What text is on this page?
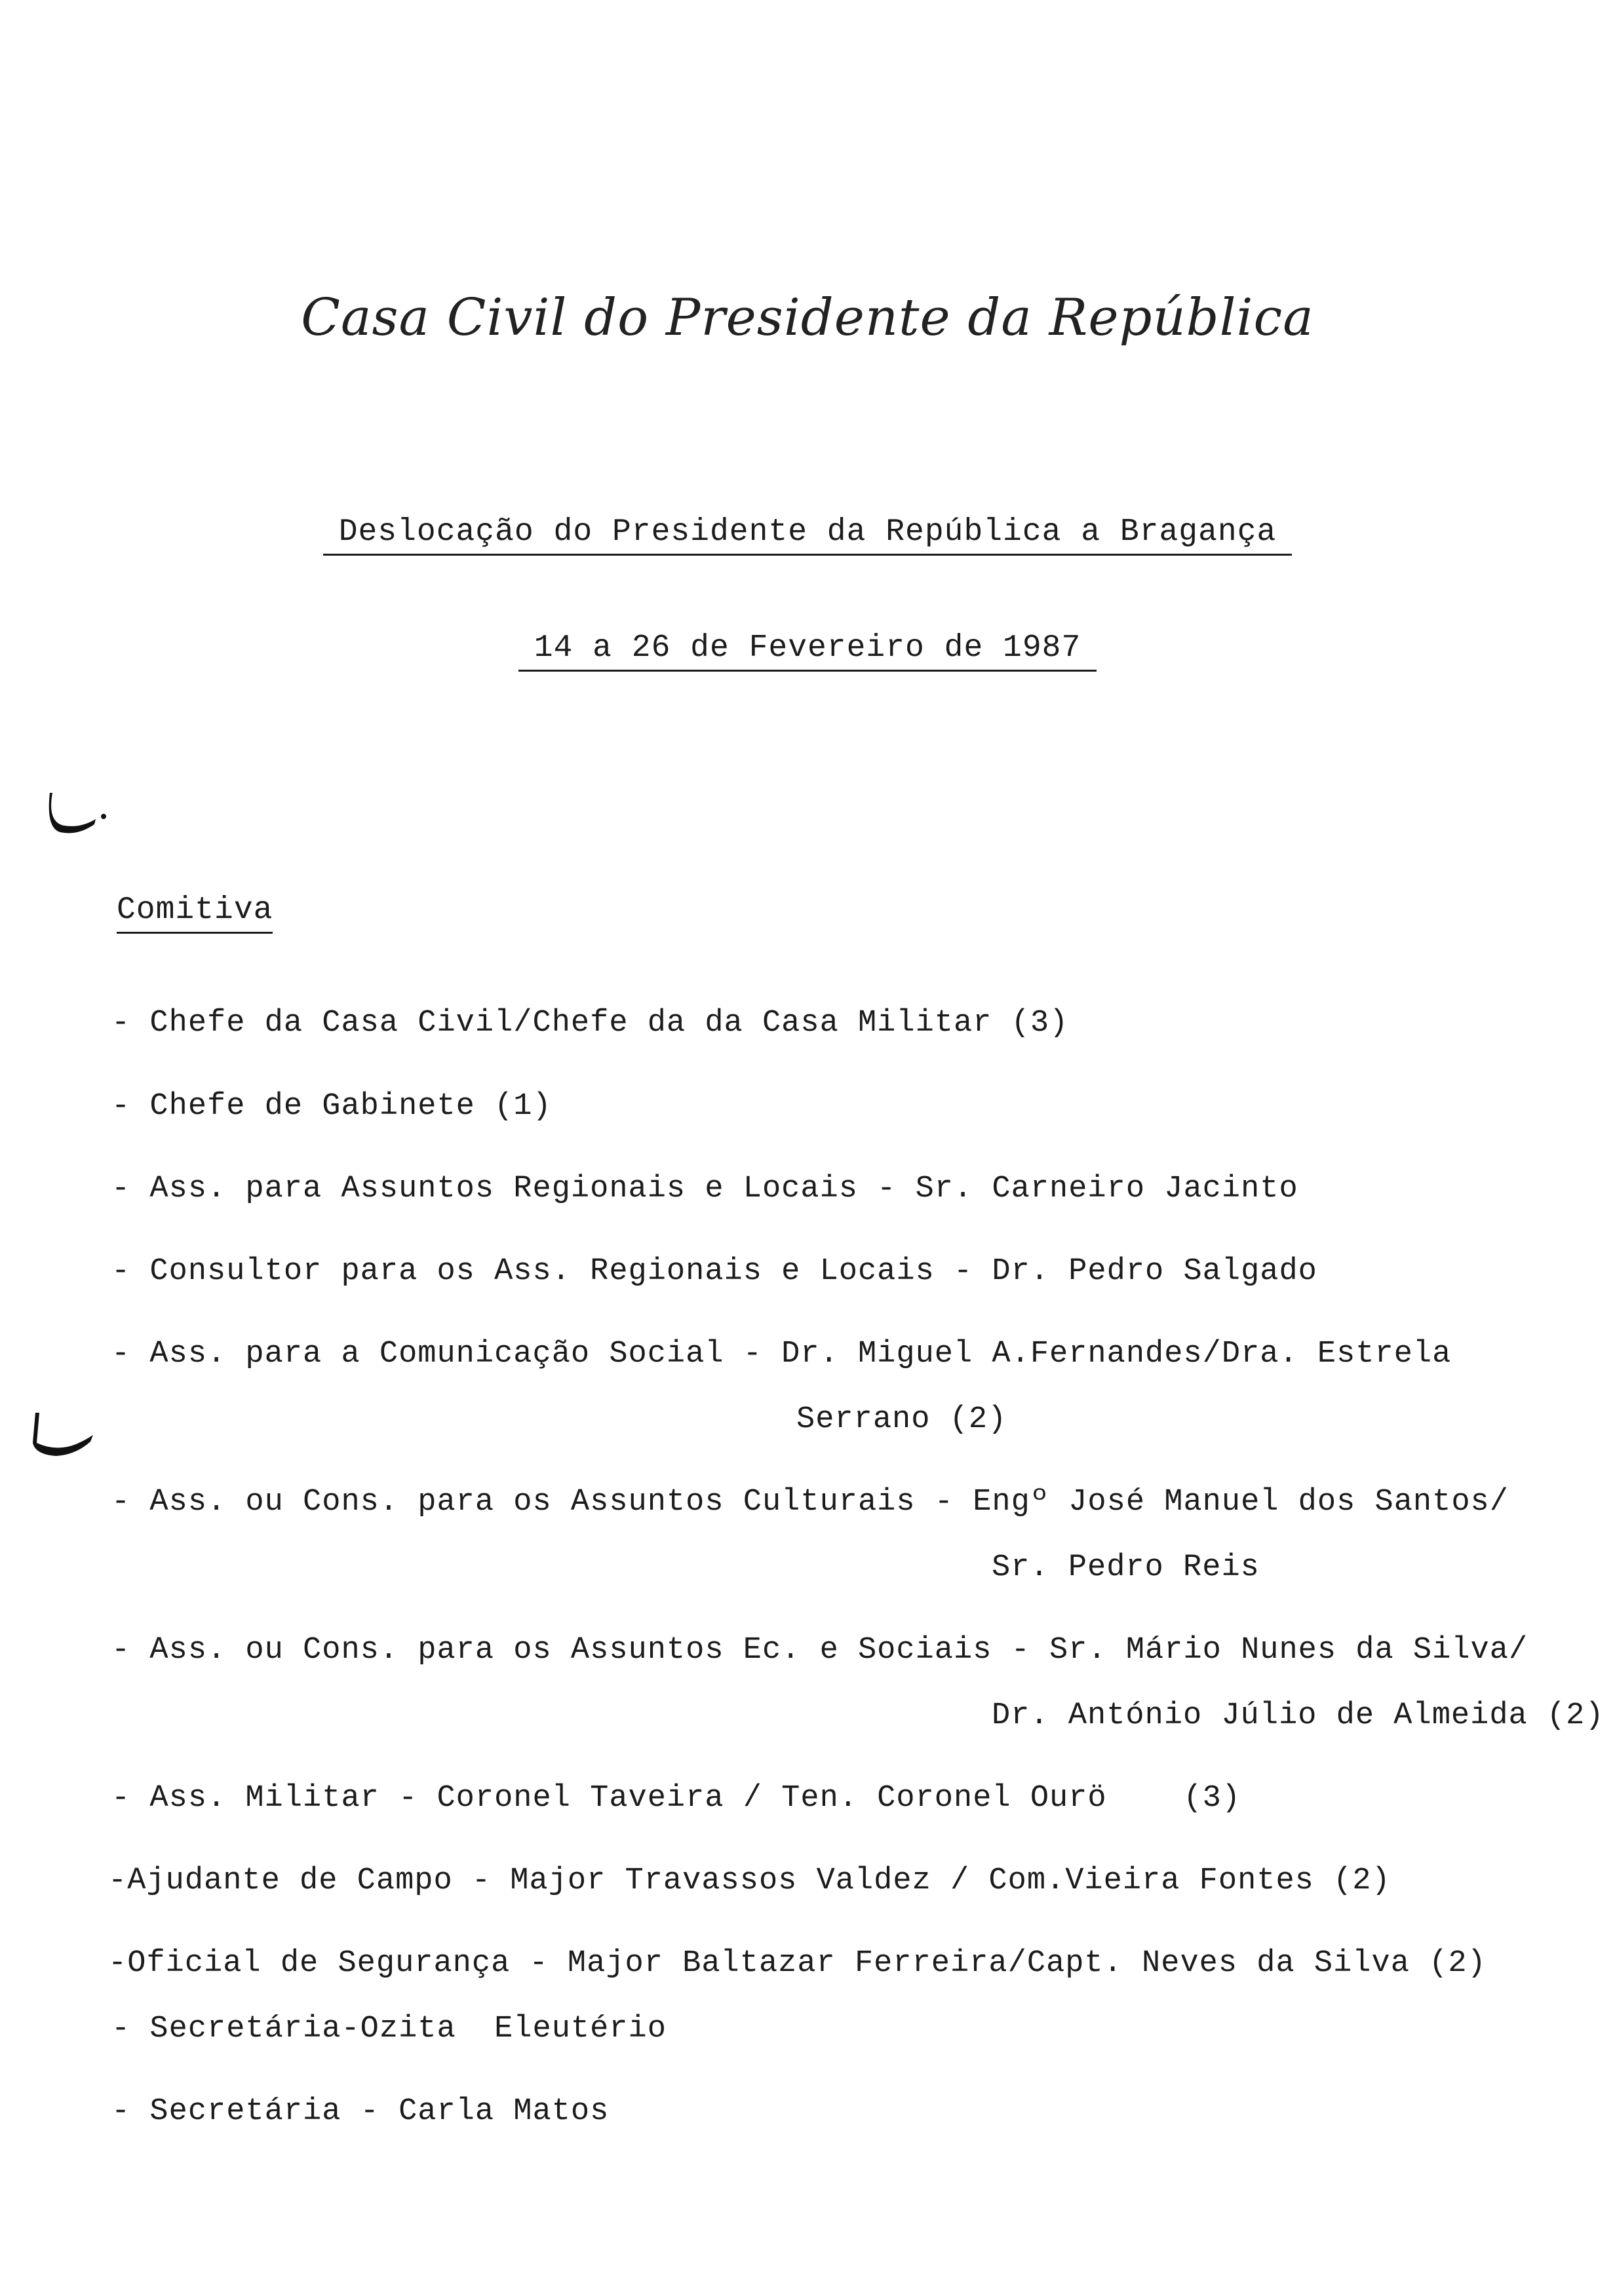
Casa Civil do Presidente da República
Deslocação do Presidente da República a Bragança
14 a 26 de Fevereiro de 1987
Comitiva
- Chefe da Casa Civil/Chefe da da Casa Militar (3)
- Chefe de Gabinete (1)
- Ass. para Assuntos Regionais e Locais - Sr. Carneiro Jacinto
- Consultor para os Ass. Regionais e Locais - Dr. Pedro Salgado
- Ass. para a Comunicação Social - Dr. Miguel A.Fernandes/Dra. Estrela
Serrano (2)
- Ass. ou Cons. para os Assuntos Culturais - Engº José Manuel dos Santos/
Sr. Pedro Reis
- Ass. ou Cons. para os Assuntos Ec. e Sociais - Sr. Mário Nunes da Silva/
Dr. António Júlio de Almeida (2)
- Ass. Militar - Coronel Taveira / Ten. Coronel Ourö    (3)
-Ajudante de Campo - Major Travassos Valdez / Com.Vieira Fontes (2)
-Oficial de Segurança - Major Baltazar Ferreira/Capt. Neves da Silva (2)
- Secretária-Ozita  Eleutério
- Secretária - Carla Matos
